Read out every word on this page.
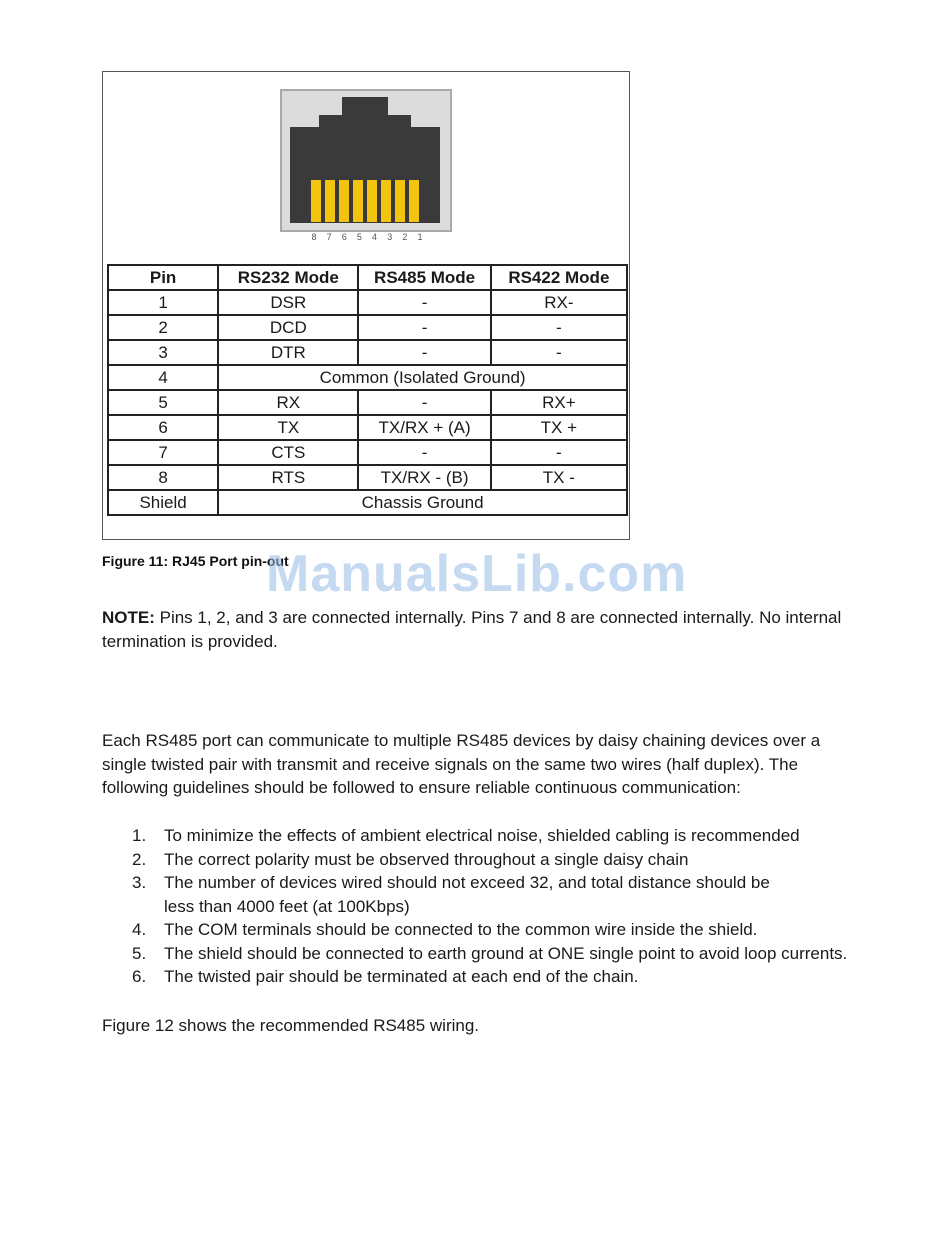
8	7	6	5	4	3	2	1
Pin	RS232 Mode	RS485 Mode	RS422 Mode
1	DSR	-	RX-
2	DCD	-	-
3	DTR	-	-
4	Common (Isolated Ground)		
5	RX	-	RX+
6	TX	TX/RX + (A)	TX +
7	CTS	-	-
8	RTS	TX/RX - (B)	TX -
Shield	Chassis Ground		
Figure 11: RJ45 Port pin-out
ManualsLib.com
NOTE: Pins 1, 2, and 3 are connected internally. Pins 7 and 8 are connected internally. No internal termination is provided.
Each RS485 port can communicate to multiple RS485 devices by daisy chaining devices over a single twisted pair with transmit and receive signals on the same two wires (half duplex). The following guidelines should be followed to ensure reliable continuous communication:
1. To minimize the effects of ambient electrical noise, shielded cabling is recommended
2. The correct polarity must be observed throughout a single daisy chain
3. The number of devices wired should not exceed 32, and total distance should be less than 4000 feet (at 100Kbps)
4. The COM terminals should be connected to the common wire inside the shield.
5. The shield should be connected to earth ground at ONE single point to avoid loop currents.
6. The twisted pair should be terminated at each end of the chain.
Figure 12 shows the recommended RS485 wiring.
